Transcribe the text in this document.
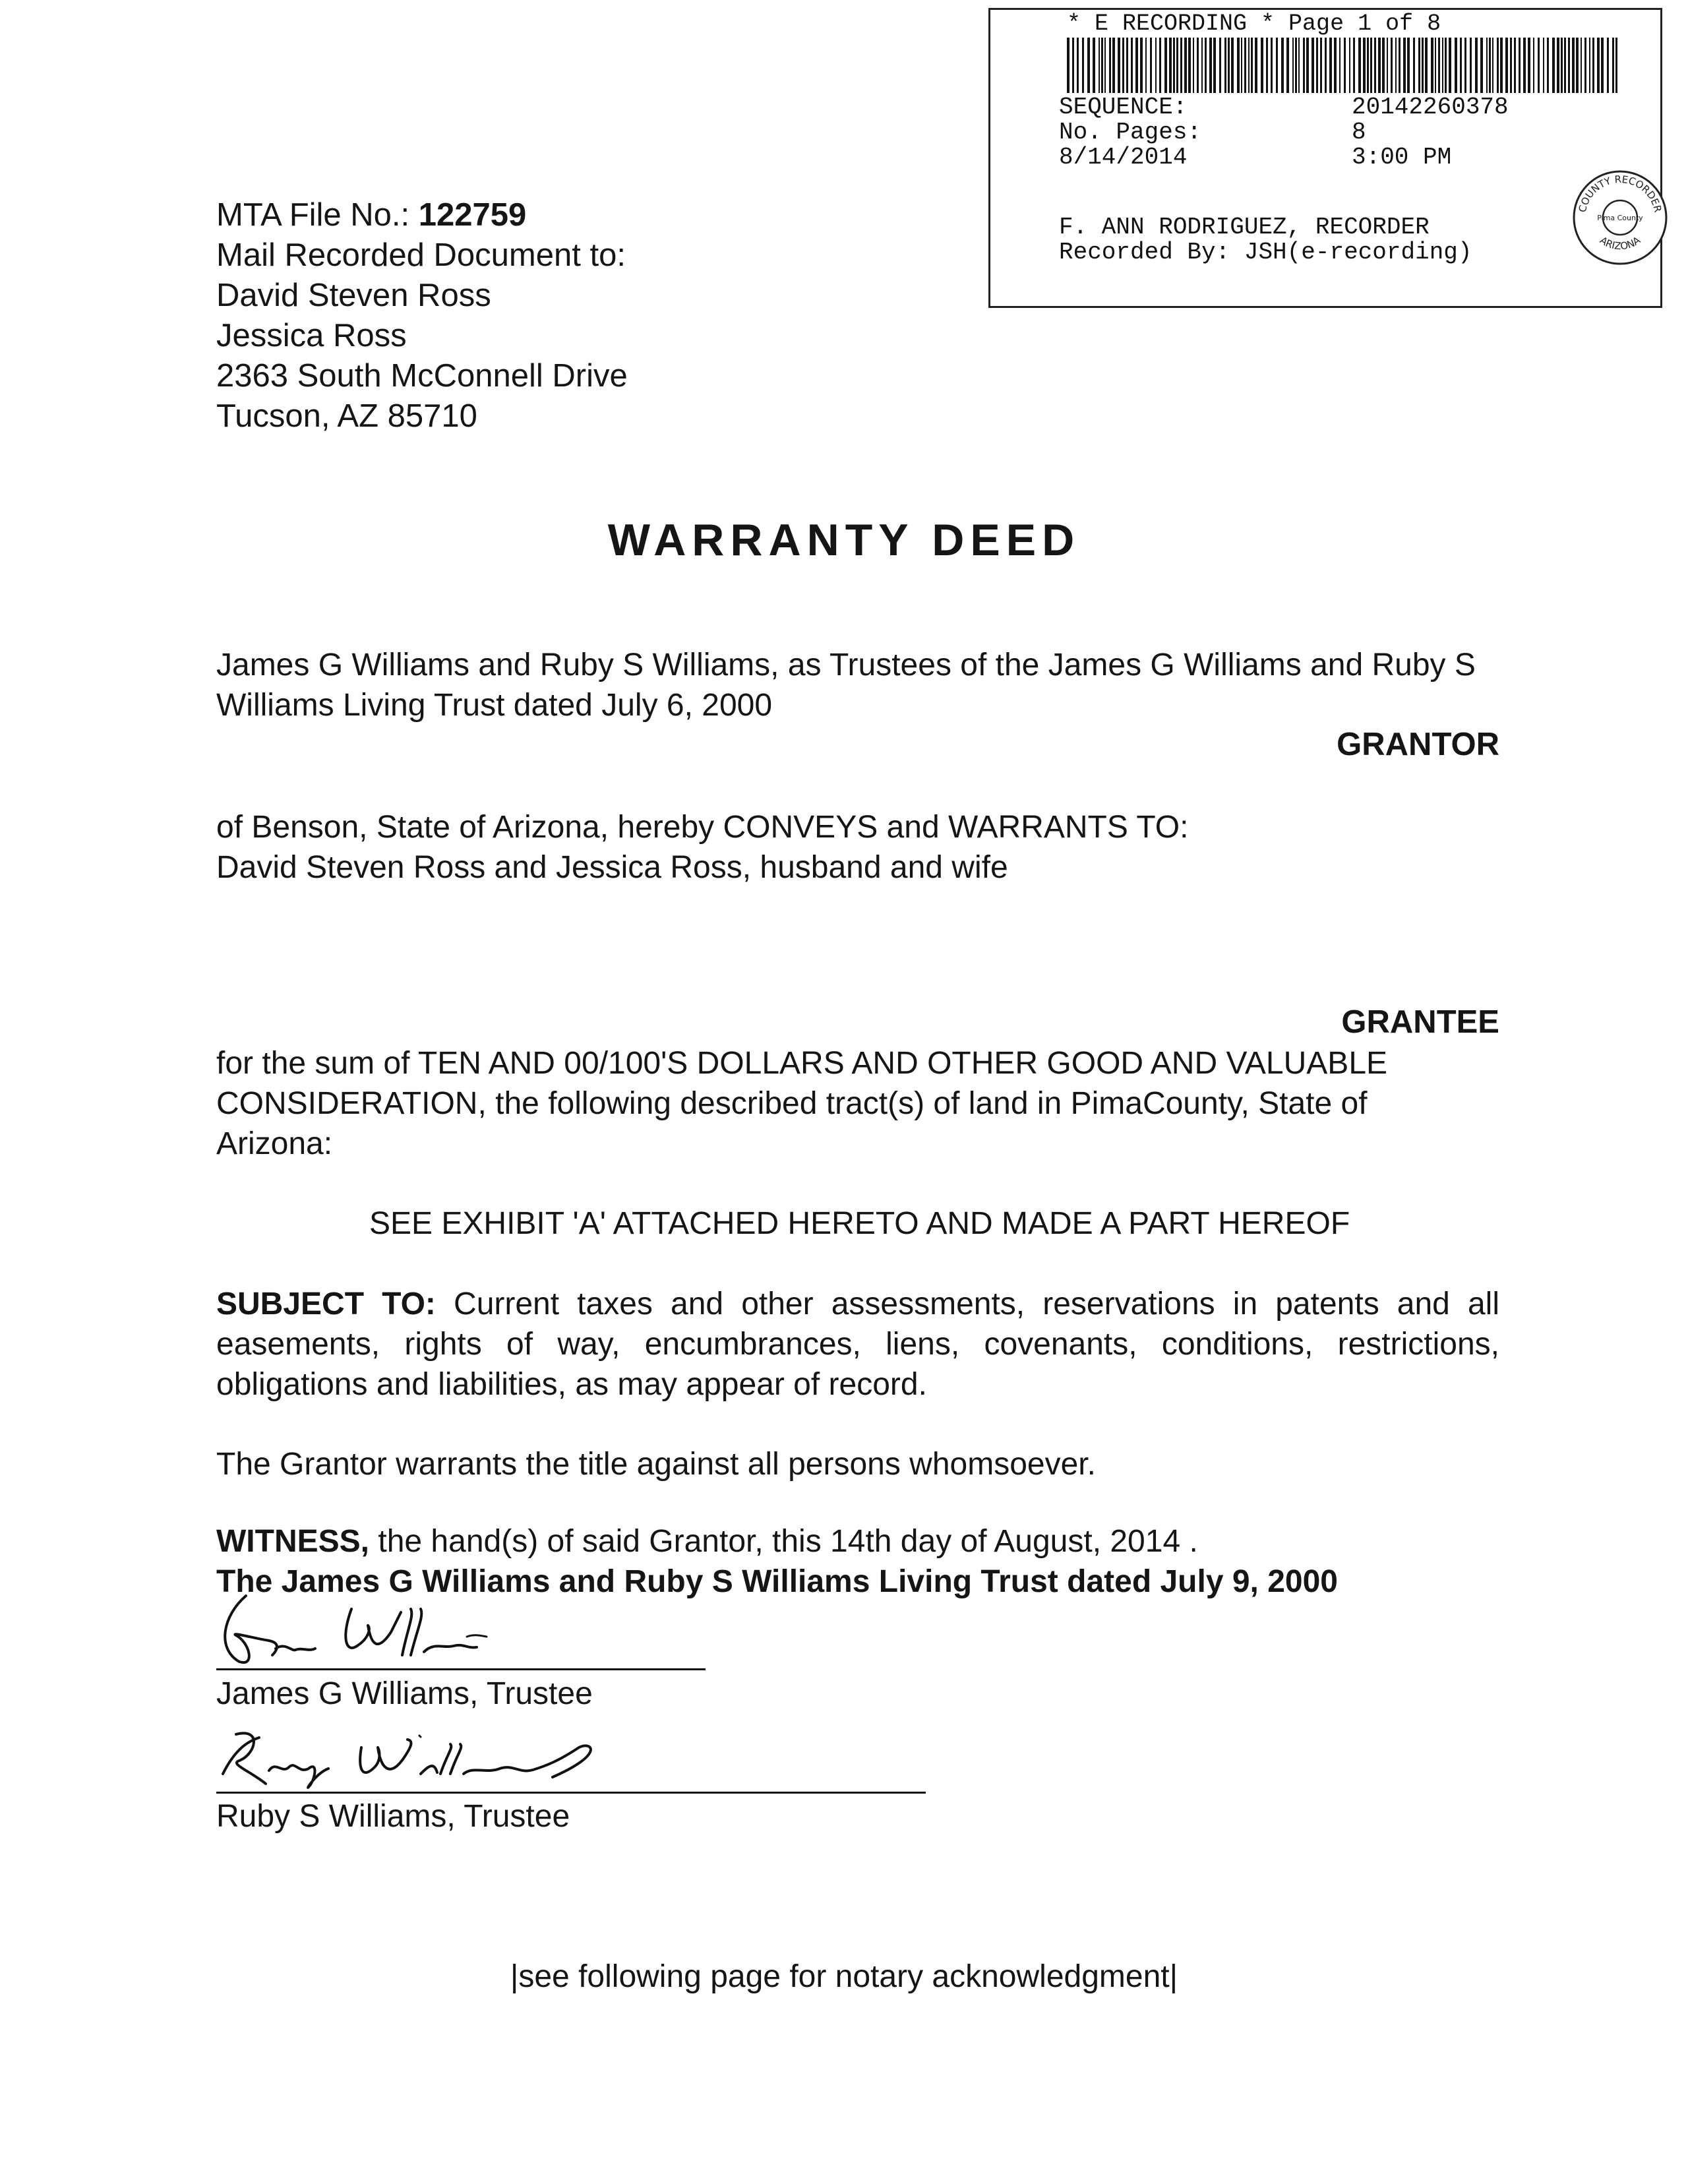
* E RECORDING * Page 1 of 8
SEQUENCE:	20142260378
No. Pages:	8
8/14/2014	3:00 PM
F. ANN RODRIGUEZ, RECORDER
Recorded By: JSH(e-recording)
COUNTY RECORDER
ARIZONA
Pima County
MTA File No.: 122759
Mail Recorded Document to:
David Steven Ross
Jessica Ross
2363 South McConnell Drive
Tucson, AZ 85710
WARRANTY DEED
James G Williams and Ruby S Williams, as Trustees of the James G Williams and Ruby S
Williams Living Trust dated July 6, 2000
GRANTOR
of Benson, State of Arizona, hereby CONVEYS and WARRANTS TO:
David Steven Ross and Jessica Ross, husband and wife
GRANTEE
for the sum of TEN AND 00/100'S DOLLARS AND OTHER GOOD AND VALUABLE
CONSIDERATION, the following described tract(s) of land in PimaCounty, State of
Arizona:
SEE EXHIBIT 'A' ATTACHED HERETO AND MADE A PART HEREOF
SUBJECT TO: Current taxes and other assessments, reservations in patents and all
easements, rights of way, encumbrances, liens, covenants, conditions, restrictions,
obligations and liabilities, as may appear of record.
The Grantor warrants the title against all persons whomsoever.
WITNESS, the hand(s) of said Grantor, this 14th day of August, 2014 .
The James G Williams and Ruby S Williams Living Trust dated July 9, 2000
James G Williams, Trustee
Ruby S Williams, Trustee
|see following page for notary acknowledgment|
